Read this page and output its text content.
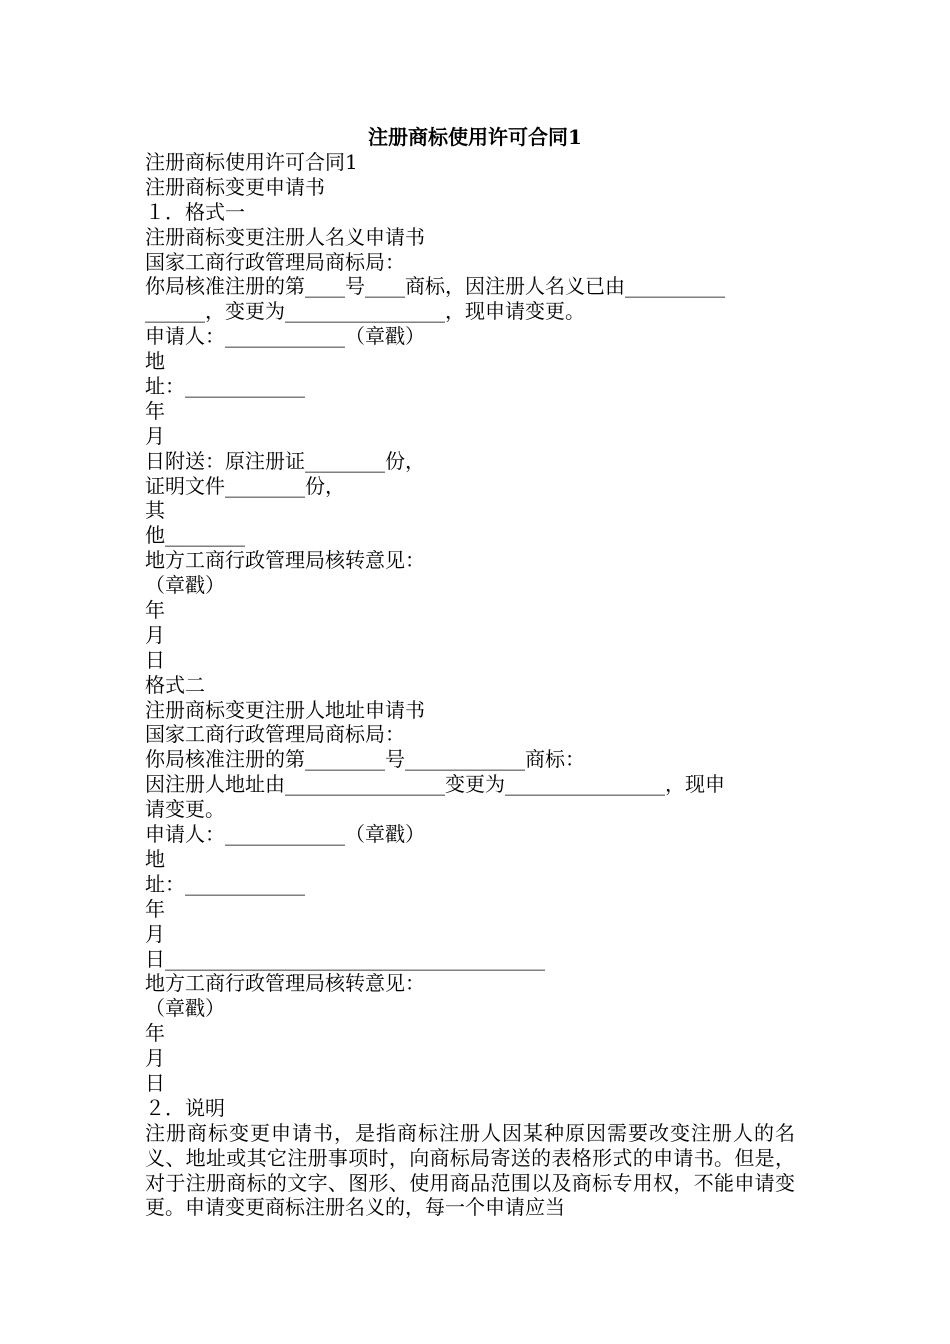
注册商标使用许可合同1
注册商标使用许可合同1
注册商标变更申请书
１．格式一
注册商标变更注册人名义申请书
国家工商行政管理局商标局：
你局核准注册的第____号____商标，因注册人名义已由__________
______，变更为________________，现申请变更。
申请人：____________（章戳）
地
址：____________
年
月
日附送：原注册证________份，
证明文件________份，
其
他________
地方工商行政管理局核转意见：
（章戳）
年
月
日
格式二
注册商标变更注册人地址申请书
国家工商行政管理局商标局：
你局核准注册的第________号____________商标：
因注册人地址由________________变更为________________，现申
请变更。
申请人：____________（章戳）
地
址：____________
年
月
日______________________________________
地方工商行政管理局核转意见：
（章戳）
年
月
日
２．说明
注册商标变更申请书，是指商标注册人因某种原因需要改变注册人的名义、地址或其它注册事项时，向商标局寄送的表格形式的申请书。但是，对于注册商标的文字、图形、使用商品范围以及商标专用权，不能申请变更。申请变更商标注册名义的，每一个申请应当
